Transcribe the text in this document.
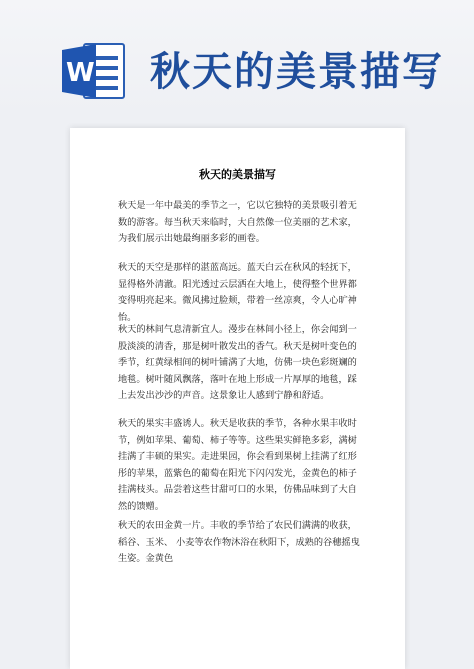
W 秋天的美景描写
秋天的美景描写
秋天是一年中最美的季节之一，它以它独特的美景吸引着无数的游客。每当秋天来临时，大自然像一位美丽的艺术家，为我们展示出她最绚丽多彩的画卷。
秋天的天空是那样的湛蓝高远。蓝天白云在秋风的轻抚下，显得格外清澈。阳光透过云层洒在大地上，使得整个世界都变得明亮起来。微风拂过脸颊，带着一丝凉爽，令人心旷神怡。
秋天的林间气息清新宜人。漫步在林间小径上，你会闻到一股淡淡的清香，那是树叶散发出的香气。秋天是树叶变色的季节，红黄绿相间的树叶铺满了大地，仿佛一块色彩斑斓的地毯。树叶随风飘落，落叶在地上形成一片厚厚的地毯，踩上去发出沙沙的声音。这景象让人感到宁静和舒适。
秋天的果实丰盛诱人。秋天是收获的季节，各种水果丰收时节，例如苹果、葡萄、柿子等等。这些果实鲜艳多彩，满树挂满了丰硕的果实。走进果园，你会看到果树上挂满了红形彤的苹果，蓝紫色的葡萄在阳光下闪闪发光，金黄色的柿子挂满枝头。品尝着这些甘甜可口的水果，仿佛品味到了大自然的馈赠。
秋天的农田金黄一片。丰收的季节给了农民们满满的收获，稻谷、玉米、 小麦等农作物沐浴在秋阳下，成熟的谷穗摇曳生姿。金黄色
